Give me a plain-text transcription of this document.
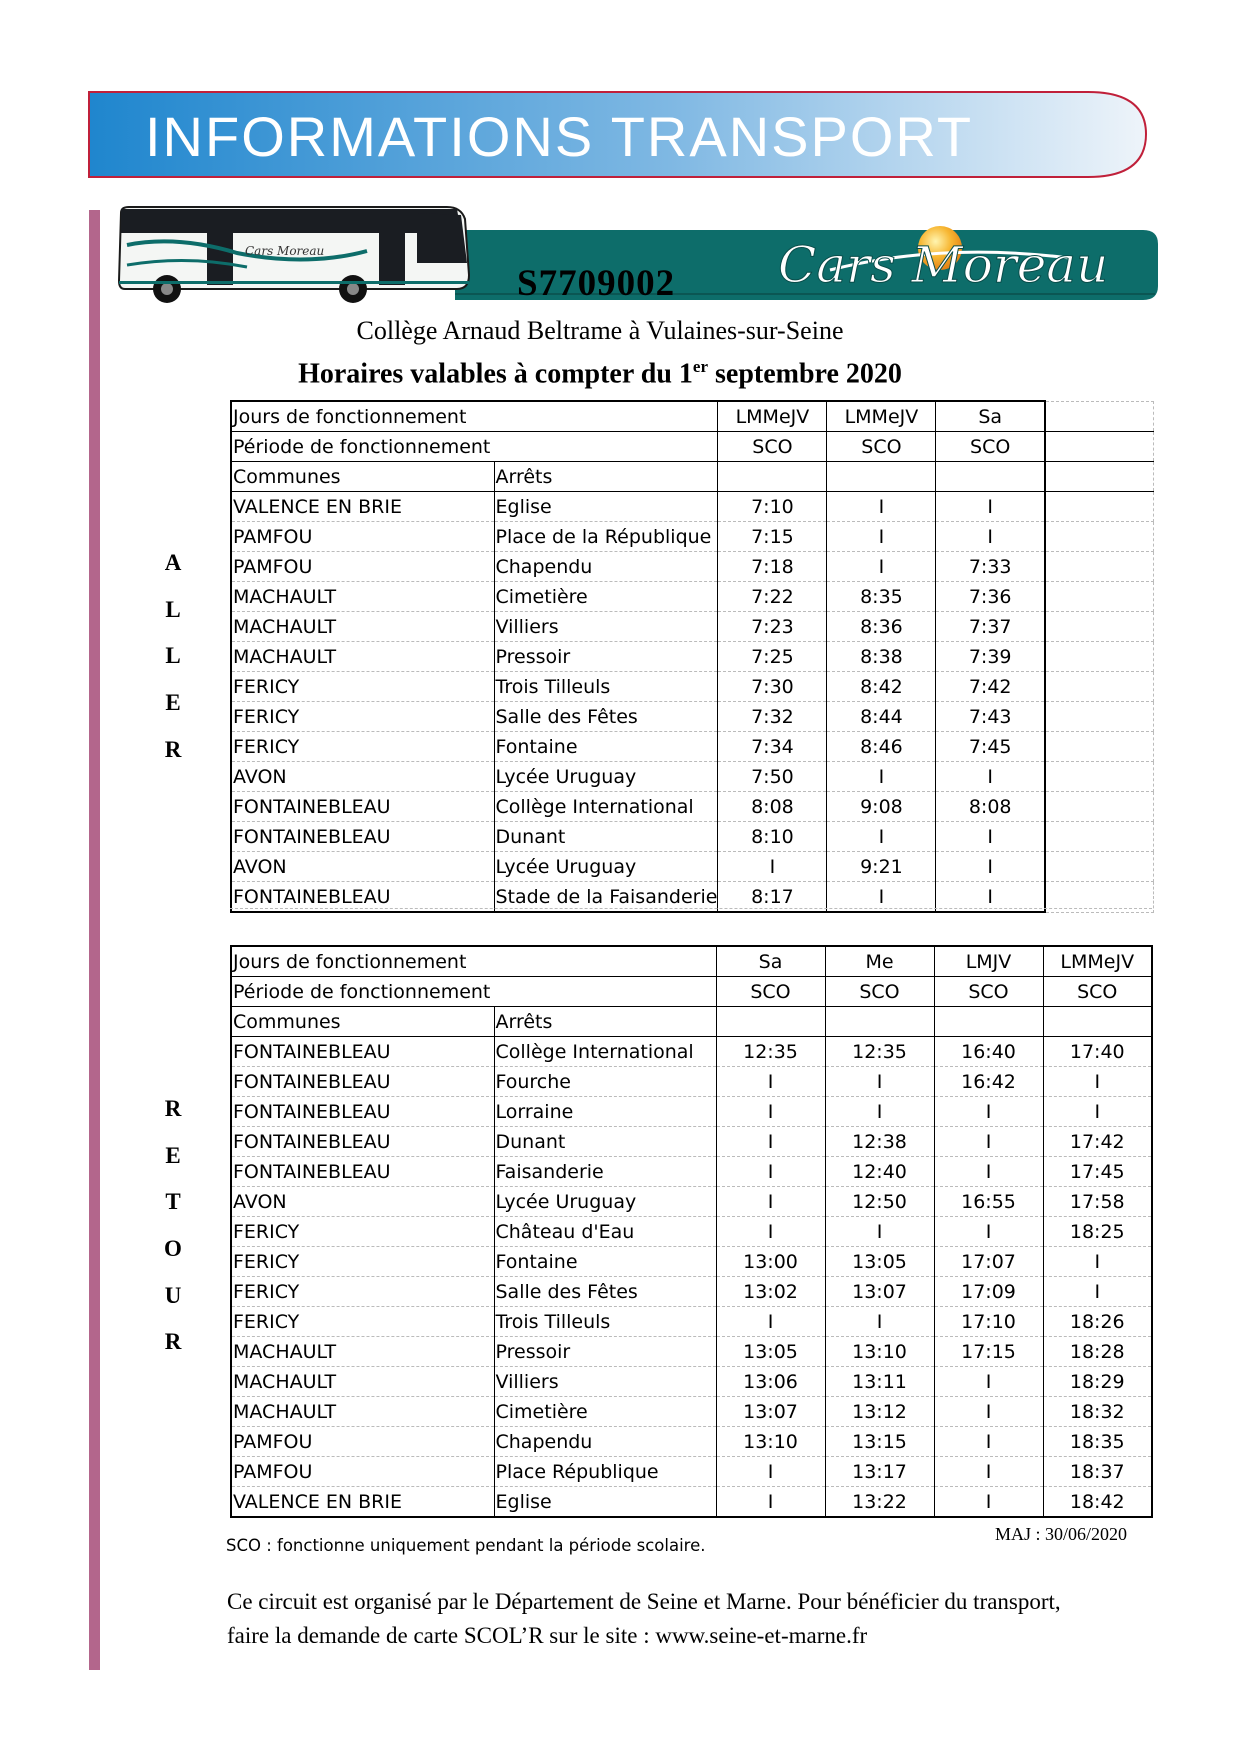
INFORMATIONS TRANSPORT
Cars Moreau
S7709002 Cars Moreau
Collège Arnaud Beltrame à Vulaines-sur-Seine
Horaires valables à compter du 1er septembre 2020
A
L
L
E
R
R
E
T
O
U
R
Jours de fonctionnement		LMMeJV	LMMeJV	Sa	
Période de fonctionnement		SCO	SCO	SCO	
Communes	Arrêts				
VALENCE EN BRIE	Eglise	7:10	I	I	
PAMFOU	Place de la République	7:15	I	I	
PAMFOU	Chapendu	7:18	I	7:33	
MACHAULT	Cimetière	7:22	8:35	7:36	
MACHAULT	Villiers	7:23	8:36	7:37	
MACHAULT	Pressoir	7:25	8:38	7:39	
FERICY	Trois Tilleuls	7:30	8:42	7:42	
FERICY	Salle des Fêtes	7:32	8:44	7:43	
FERICY	Fontaine	7:34	8:46	7:45	
AVON	Lycée Uruguay	7:50	I	I	
FONTAINEBLEAU	Collège International	8:08	9:08	8:08	
FONTAINEBLEAU	Dunant	8:10	I	I	
AVON	Lycée Uruguay	I	9:21	I	
FONTAINEBLEAU	Stade de la Faisanderie	8:17	I	I	
Jours de fonctionnement		Sa	Me	LMJV	LMMeJV
Période de fonctionnement		SCO	SCO	SCO	SCO
Communes	Arrêts				
FONTAINEBLEAU	Collège International	12:35	12:35	16:40	17:40
FONTAINEBLEAU	Fourche	I	I	16:42	I
FONTAINEBLEAU	Lorraine	I	I	I	I
FONTAINEBLEAU	Dunant	I	12:38	I	17:42
FONTAINEBLEAU	Faisanderie	I	12:40	I	17:45
AVON	Lycée Uruguay	I	12:50	16:55	17:58
FERICY	Château d'Eau	I	I	I	18:25
FERICY	Fontaine	13:00	13:05	17:07	I
FERICY	Salle des Fêtes	13:02	13:07	17:09	I
FERICY	Trois Tilleuls	I	I	17:10	18:26
MACHAULT	Pressoir	13:05	13:10	17:15	18:28
MACHAULT	Villiers	13:06	13:11	I	18:29
MACHAULT	Cimetière	13:07	13:12	I	18:32
PAMFOU	Chapendu	13:10	13:15	I	18:35
PAMFOU	Place République	I	13:17	I	18:37
VALENCE EN BRIE	Eglise	I	13:22	I	18:42
MAJ : 30/06/2020
SCO : fonctionne uniquement pendant la période scolaire.
Ce circuit est organisé par le Département de Seine et Marne. Pour bénéficier du transport,
faire la demande de carte SCOL’R sur le site : www.seine-et-marne.fr
